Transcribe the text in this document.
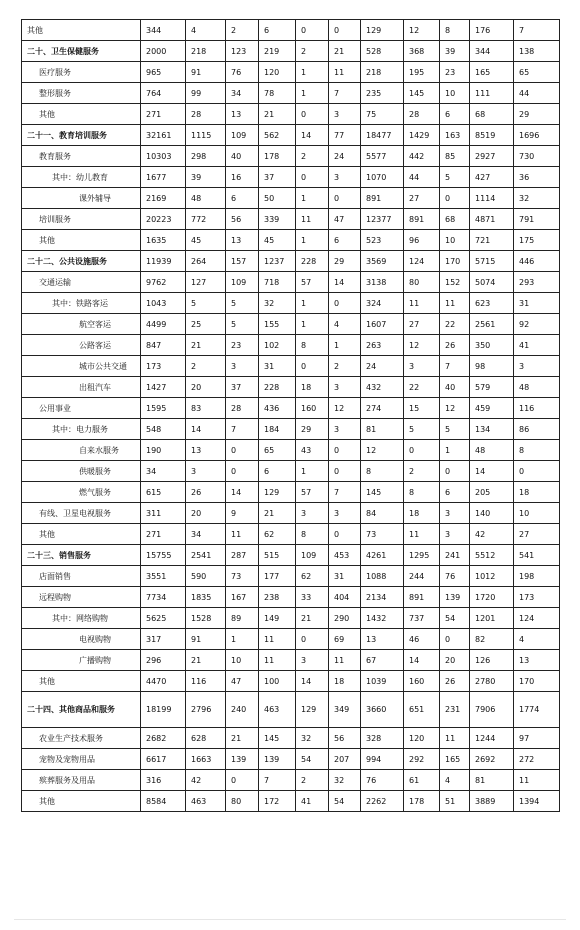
其他	344	4	2	6	0	0	129	12	8	176	7
二十、卫生保健服务	2000	218	123	219	2	21	528	368	39	344	138
医疗服务	965	91	76	120	1	11	218	195	23	165	65
整形服务	764	99	34	78	1	7	235	145	10	111	44
其他	271	28	13	21	0	3	75	28	6	68	29
二十一、教育培训服务	32161	1115	109	562	14	77	18477	1429	163	8519	1696
教育服务	10303	298	40	178	2	24	5577	442	85	2927	730
其中：幼儿教育	1677	39	16	37	0	3	1070	44	5	427	36
课外辅导	2169	48	6	50	1	0	891	27	0	1114	32
培训服务	20223	772	56	339	11	47	12377	891	68	4871	791
其他	1635	45	13	45	1	6	523	96	10	721	175
二十二、公共设施服务	11939	264	157	1237	228	29	3569	124	170	5715	446
交通运输	9762	127	109	718	57	14	3138	80	152	5074	293
其中：铁路客运	1043	5	5	32	1	0	324	11	11	623	31
航空客运	4499	25	5	155	1	4	1607	27	22	2561	92
公路客运	847	21	23	102	8	1	263	12	26	350	41
城市公共交通	173	2	3	31	0	2	24	3	7	98	3
出租汽车	1427	20	37	228	18	3	432	22	40	579	48
公用事业	1595	83	28	436	160	12	274	15	12	459	116
其中：电力服务	548	14	7	184	29	3	81	5	5	134	86
自来水服务	190	13	0	65	43	0	12	0	1	48	8
供暖服务	34	3	0	6	1	0	8	2	0	14	0
燃气服务	615	26	14	129	57	7	145	8	6	205	18
有线、卫星电视服务	311	20	9	21	3	3	84	18	3	140	10
其他	271	34	11	62	8	0	73	11	3	42	27
二十三、销售服务	15755	2541	287	515	109	453	4261	1295	241	5512	541
店面销售	3551	590	73	177	62	31	1088	244	76	1012	198
远程购物	7734	1835	167	238	33	404	2134	891	139	1720	173
其中：网络购物	5625	1528	89	149	21	290	1432	737	54	1201	124
电视购物	317	91	1	11	0	69	13	46	0	82	4
广播购物	296	21	10	11	3	11	67	14	20	126	13
其他	4470	116	47	100	14	18	1039	160	26	2780	170
二十四、其他商品和服务	18199	2796	240	463	129	349	3660	651	231	7906	1774
农业生产技术服务	2682	628	21	145	32	56	328	120	11	1244	97
宠物及宠物用品	6617	1663	139	139	54	207	994	292	165	2692	272
殡葬服务及用品	316	42	0	7	2	32	76	61	4	81	11
其他	8584	463	80	172	41	54	2262	178	51	3889	1394
